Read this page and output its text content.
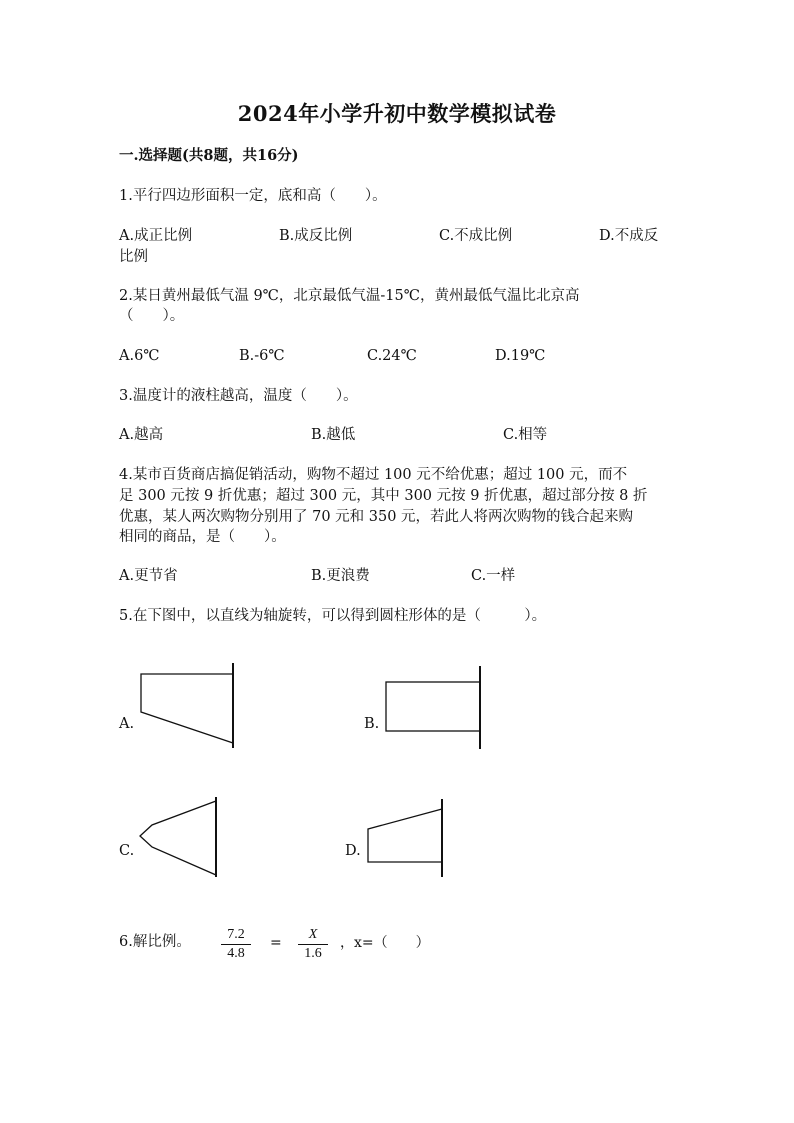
2024年小学升初中数学模拟试卷
一.选择题(共8题，共16分)
1.平行四边形面积一定，底和高（　　）。
A.成正比例	B.成反比例	C.不成比例	D.不成反
比例
2.某日黄州最低气温 9℃，北京最低气温-15℃，黄州最低气温比北京高
（　　）。
A.6℃	B.-6℃	C.24℃	D.19℃
3.温度计的液柱越高，温度（　　）。
A.越高	B.越低	C.相等
4.某市百货商店搞促销活动，购物不超过 100 元不给优惠；超过 100 元，而不
足 300 元按 9 折优惠；超过 300 元，其中 300 元按 9 折优惠，超过部分按 8 折
优惠，某人两次购物分别用了 70 元和 350 元，若此人将两次购物的钱合起来购
相同的商品，是（　　）。
A.更节省	B.更浪费	C.一样
5.在下图中，以直线为轴旋转，可以得到圆柱形体的是（　　　）。
A.	B.
C.	D.
6.解比例。	7.2
4.8
=
X
1.6
，x=（　　）
